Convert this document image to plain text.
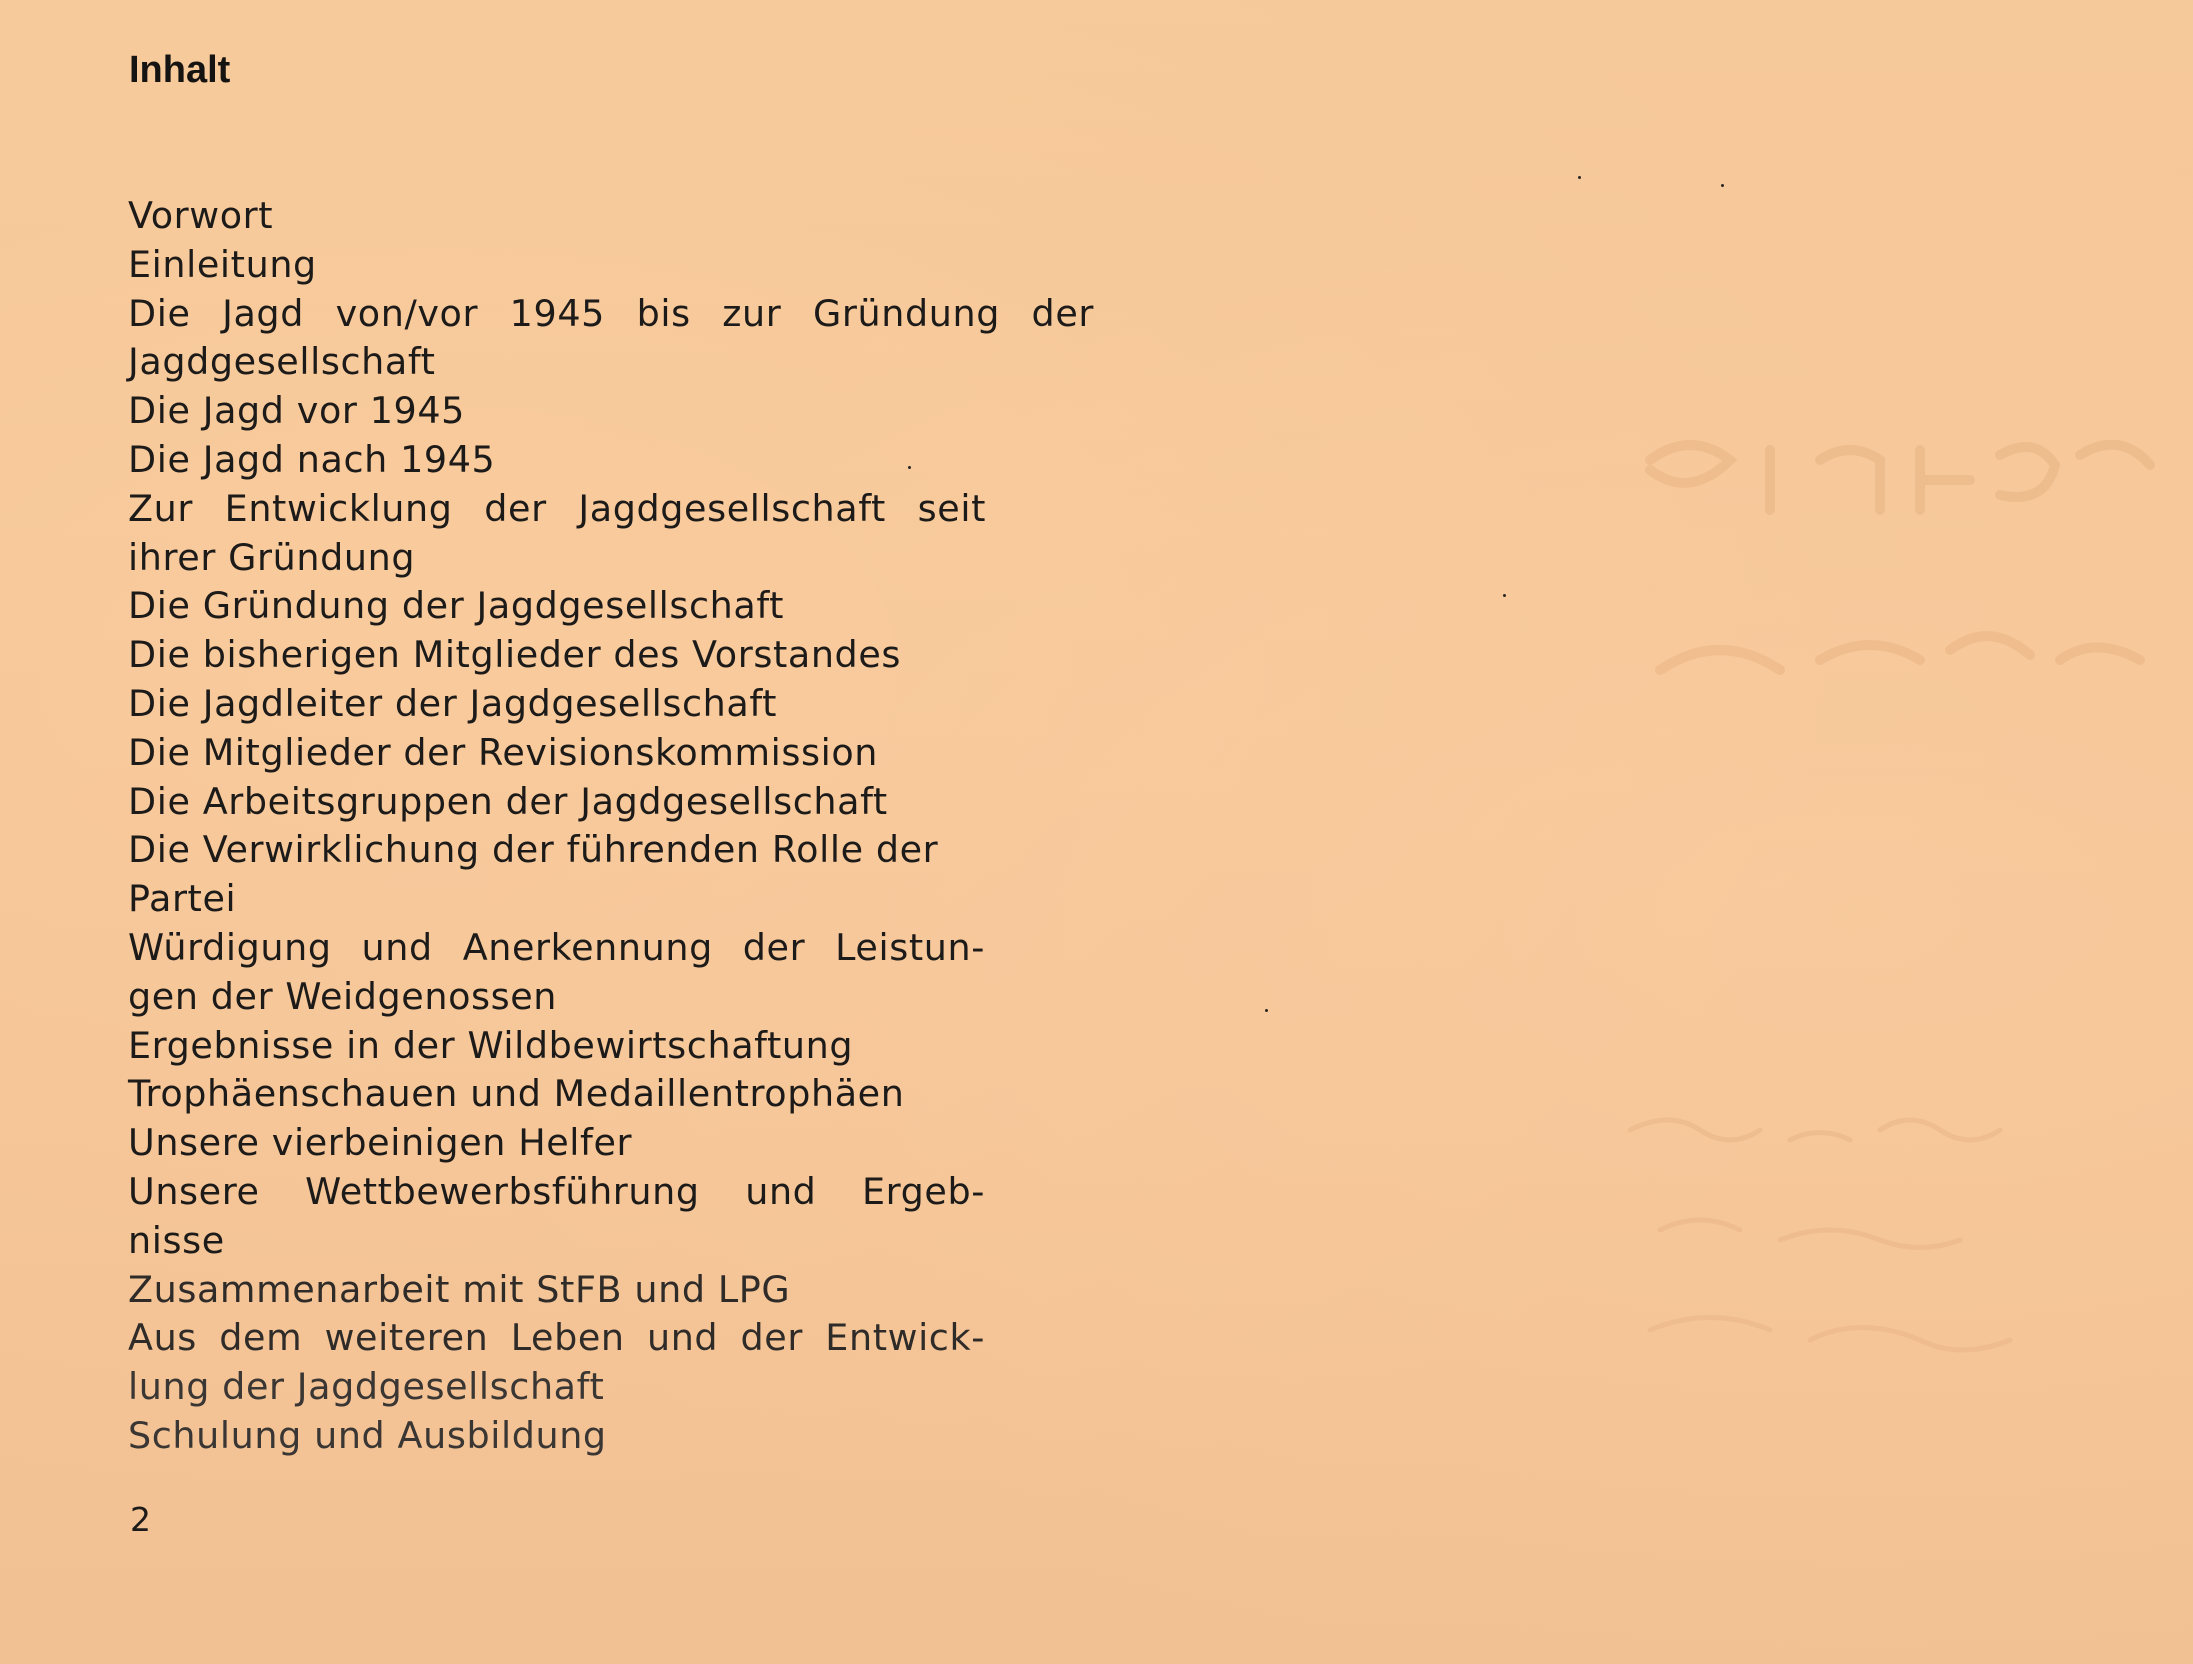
Inhalt
Vorwort
Einleitung
Die Jagd von/vor 1945 bis zur Gründung der
Jagdgesellschaft
Die Jagd vor 1945
Die Jagd nach 1945
Zur Entwicklung der Jagdgesellschaft seit
ihrer Gründung
Die Gründung der Jagdgesellschaft
Die bisherigen Mitglieder des Vorstandes
Die Jagdleiter der Jagdgesellschaft
Die Mitglieder der Revisionskommission
Die Arbeitsgruppen der Jagdgesellschaft
Die Verwirklichung der führenden Rolle der
Partei
Würdigung und Anerkennung der Leistun-
gen der Weidgenossen
Ergebnisse in der Wildbewirtschaftung
Trophäenschauen und Medaillentrophäen
Unsere vierbeinigen Helfer
Unsere Wettbewerbsführung und Ergeb-
nisse
Zusammenarbeit mit StFB und LPG
Aus dem weiteren Leben und der Entwick-
lung der Jagdgesellschaft
Schulung und Ausbildung
2
